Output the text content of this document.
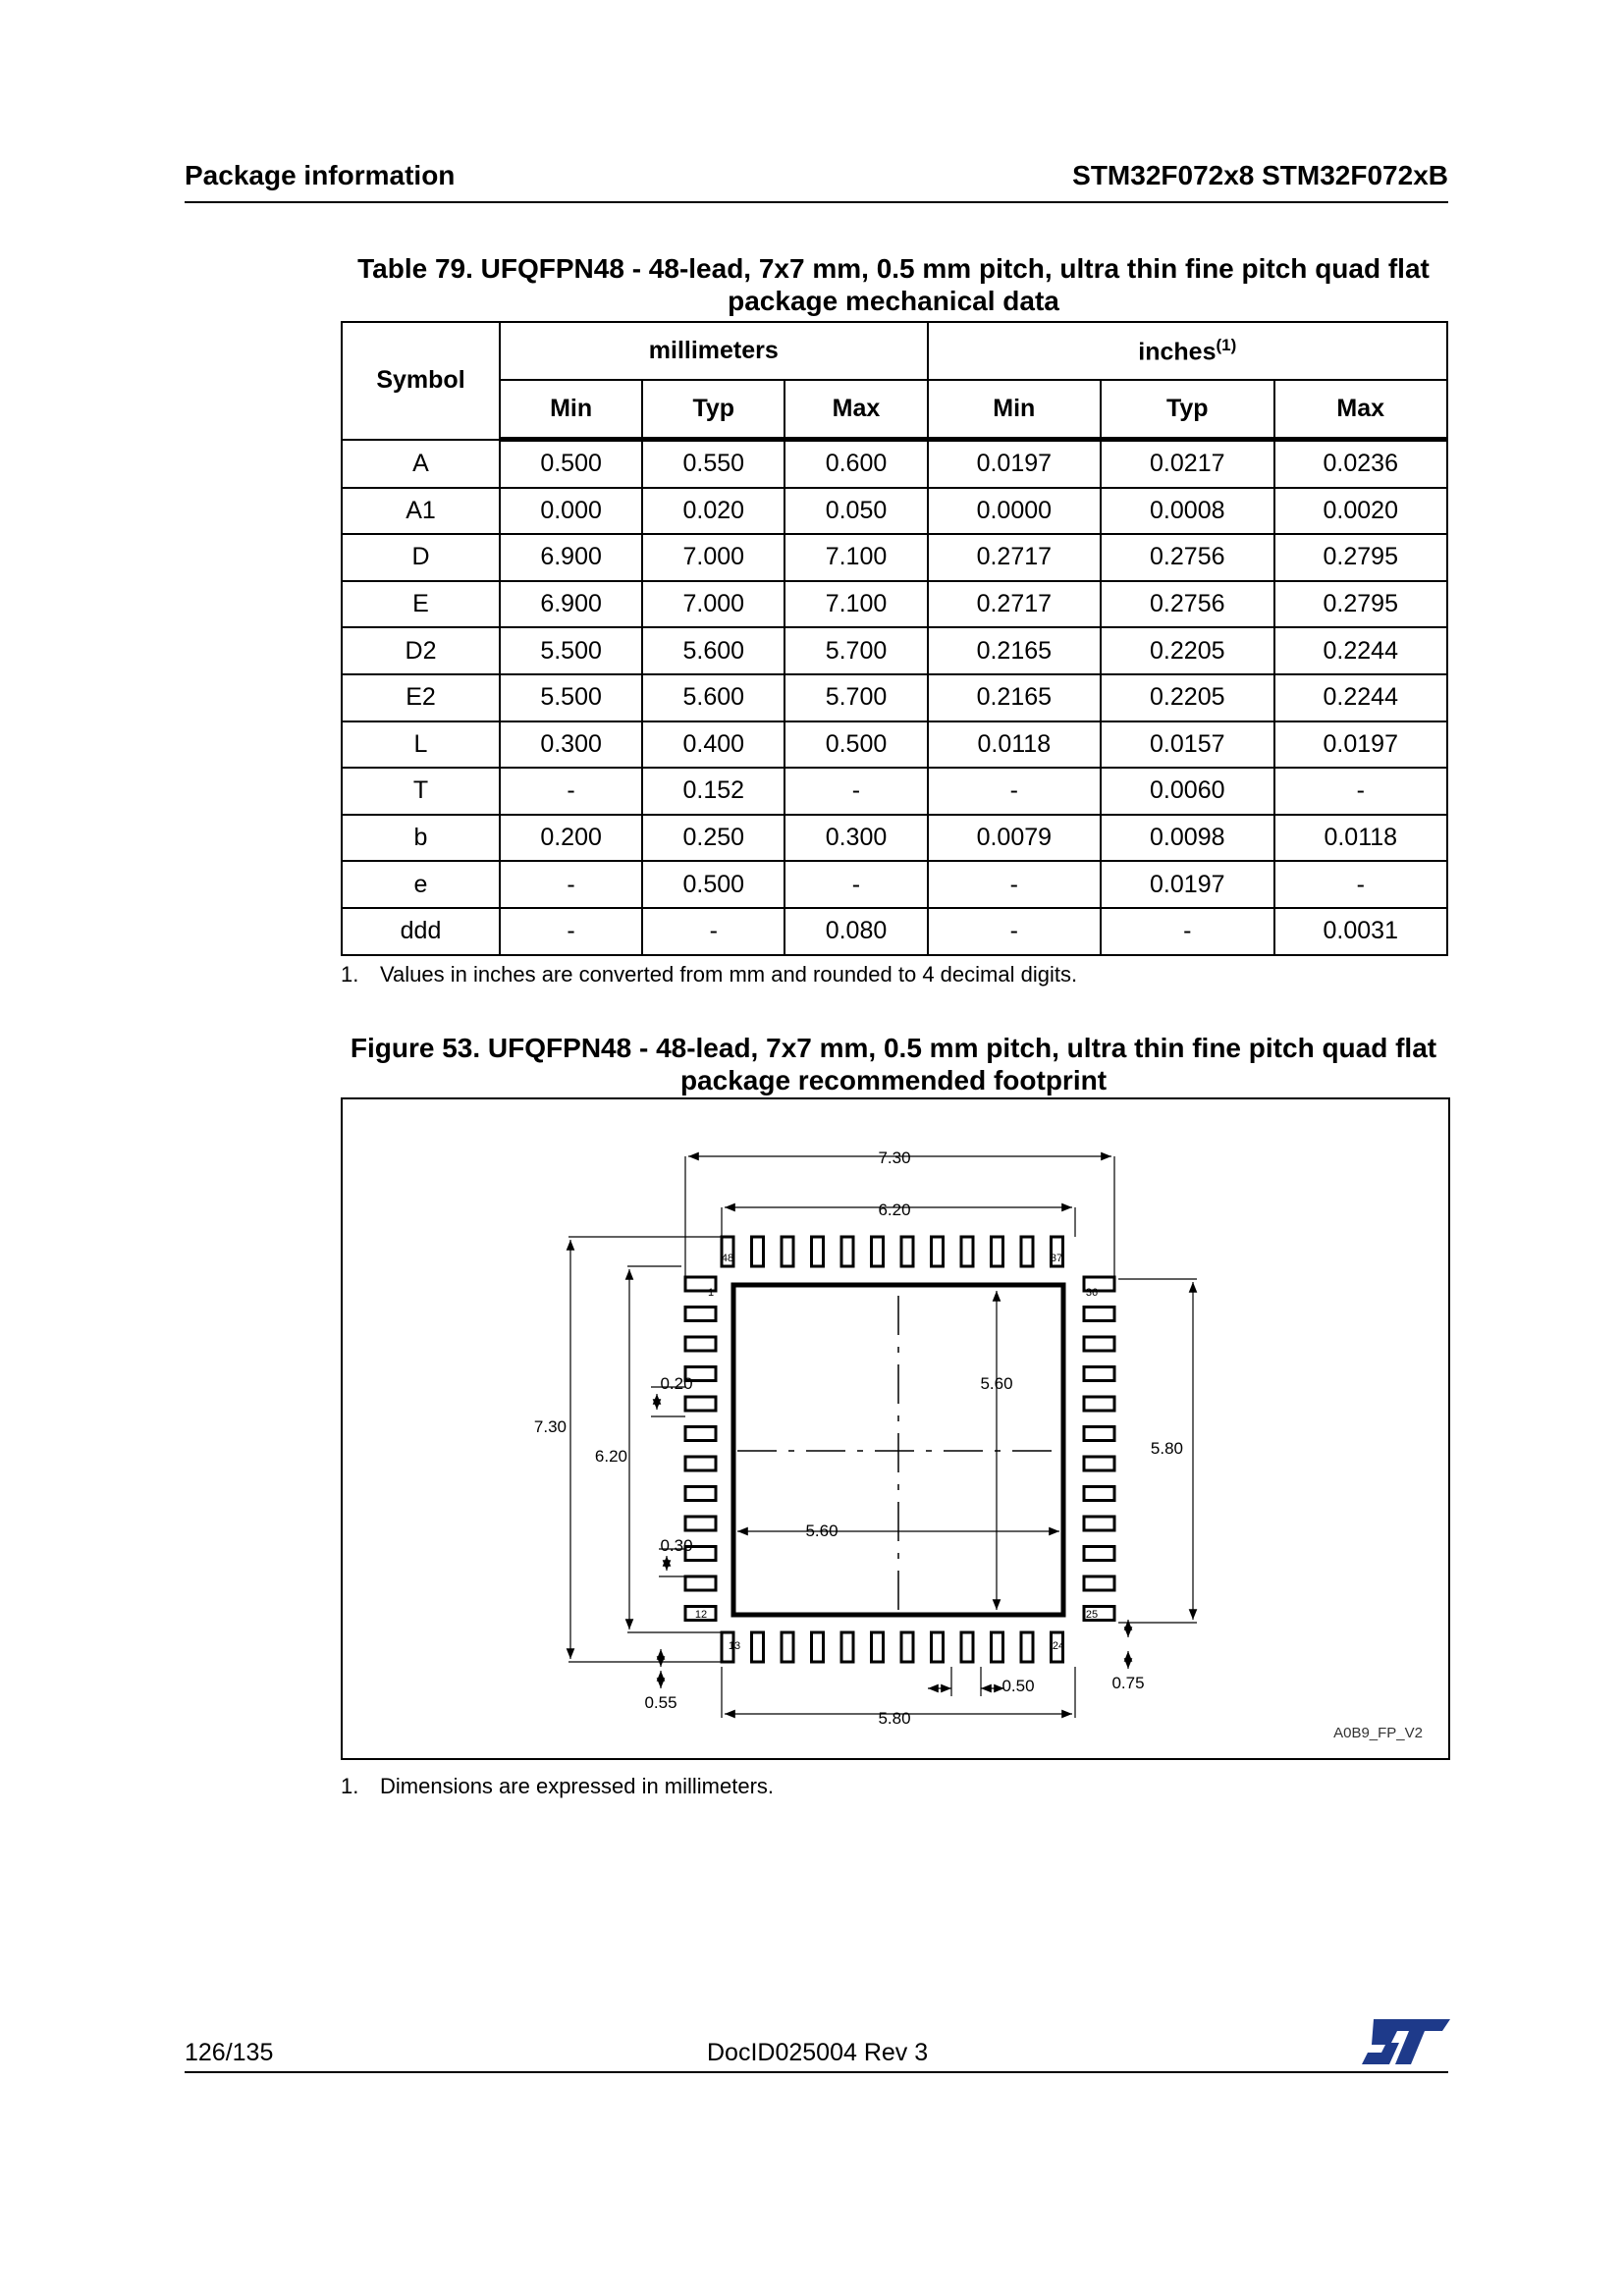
Package information	STM32F072x8 STM32F072xB
Table 79. UFQFPN48 - 48-lead, 7x7 mm, 0.5 mm pitch, ultra thin fine pitch quad flat
package mechanical data
Symbol	millimeters			inches$^{(1)}$
	Min	Typ	Max	Min	Typ	Max
A	0.500	0.550	0.600	0.0197	0.0217	0.0236
A1	0.000	0.020	0.050	0.0000	0.0008	0.0020
D	6.900	7.000	7.100	0.2717	0.2756	0.2795
E	6.900	7.000	7.100	0.2717	0.2756	0.2795
D2	5.500	5.600	5.700	0.2165	0.2205	0.2244
E2	5.500	5.600	5.700	0.2165	0.2205	0.2244
L	0.300	0.400	0.500	0.0118	0.0157	0.0197
T	-	0.152	-	-	0.0060	-
b	0.200	0.250	0.300	0.0079	0.0098	0.0118
e	-	0.500	-	-	0.0197	-
ddd	-	-	0.080	-	-	0.0031
1. Values in inches are converted from mm and rounded to 4 decimal digits.
Figure 53. UFQFPN48 - 48-lead, 7x7 mm, 0.5 mm pitch, ultra thin fine pitch quad flat
package recommended footprint
7.30
6.20
7.30
6.20
0.20
0.30
5.60
5.60
5.80
5.80
0.50
0.55
0.75
48	37
1
12
13	24
25
36
A0B9_FP_V2
1. Dimensions are expressed in millimeters.
126/135	DocID025004 Rev 3
